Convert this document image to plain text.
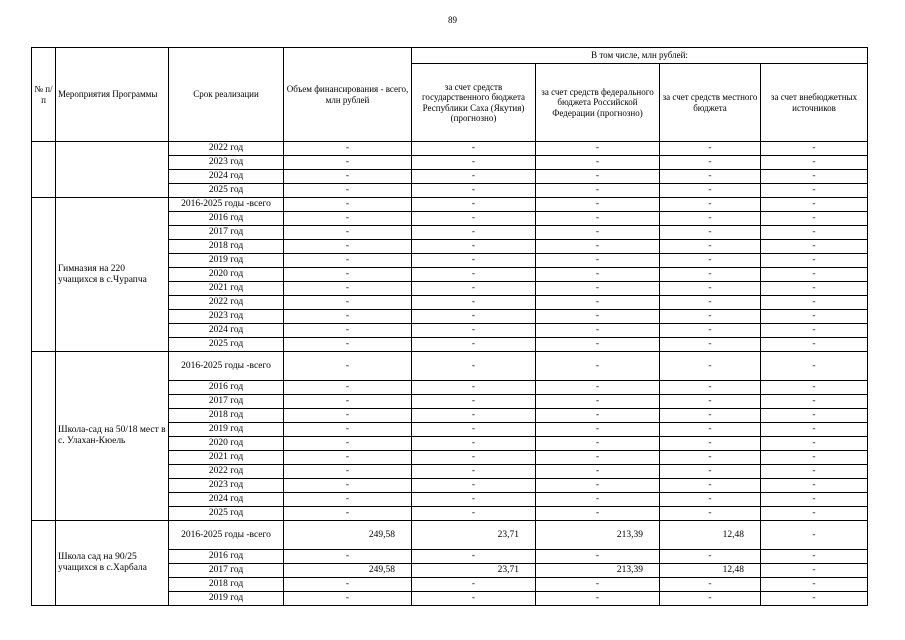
89
№ п/п	Мероприятия Программы	Срок реализации	Объем финансирования - всего, млн рублей	В том числе, млн рублей:			
				за счет средств государственного бюджета Республики Саха (Якутия) (прогнозно)	за счет средств федерального бюджета Российской Федерации (прогнозно)	за счет средств местного бюджета	за счет внебюджетных источников
		2022 год	-	-	-	-	-
		2023 год	-	-	-	-	-
		2024 год	-	-	-	-	-
		2025 год	-	-	-	-	-
	Гимназия на 220 учащихся в с.Чурапча	2016-2025 годы -всего	-	-	-	-	-
		2016 год	-	-	-	-	-
		2017 год	-	-	-	-	-
		2018 год	-	-	-	-	-
		2019 год	-	-	-	-	-
		2020 год	-	-	-	-	-
		2021 год	-	-	-	-	-
		2022 год	-	-	-	-	-
		2023 год	-	-	-	-	-
		2024 год	-	-	-	-	-
		2025 год	-	-	-	-	-
	Школа-сад на 50/18 мест в с. Улахан-Кюель	2016-2025 годы -всего	-	-	-	-	-
		2016 год	-	-	-	-	-
		2017 год	-	-	-	-	-
		2018 год	-	-	-	-	-
		2019 год	-	-	-	-	-
		2020 год	-	-	-	-	-
		2021 год	-	-	-	-	-
		2022 год	-	-	-	-	-
		2023 год	-	-	-	-	-
		2024 год	-	-	-	-	-
		2025 год	-	-	-	-	-
	Школа сад на 90/25 учащихся в с.Харбала	2016-2025 годы -всего	249,58	23,71	213,39	12,48	-
		2016 год	-	-	-	-	-
		2017 год	249,58	23,71	213,39	12,48	-
		2018 год	-	-	-	-	-
		2019 год	-	-	-	-	-
